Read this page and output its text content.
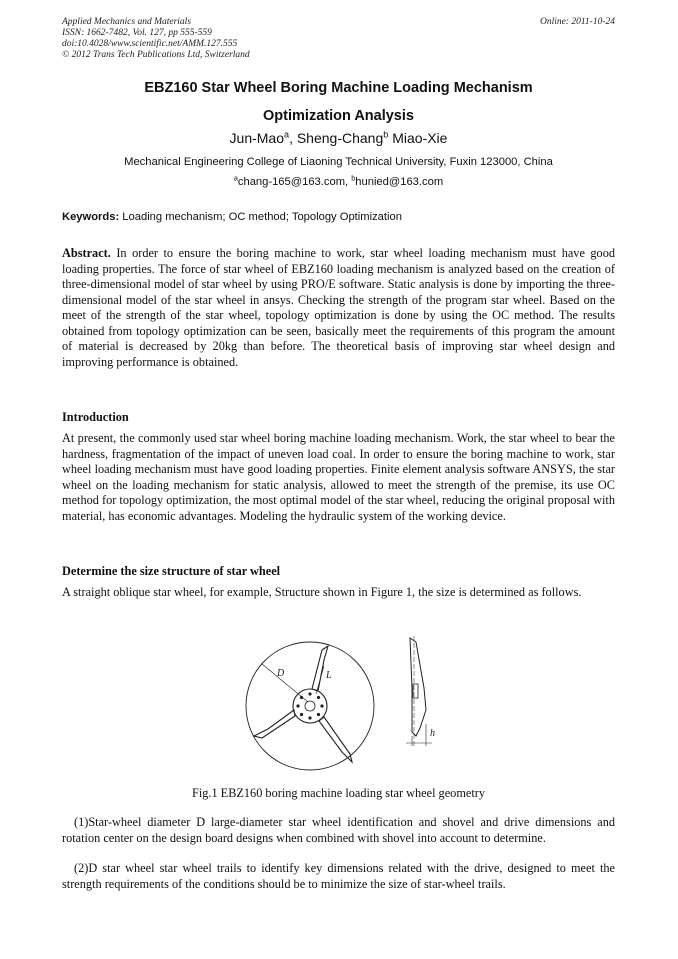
Applied Mechanics and Materials
ISSN: 1662-7482, Vol. 127, pp 555-559
doi:10.4028/www.scientific.net/AMM.127.555
© 2012 Trans Tech Publications Ltd, Switzerland
Online: 2011-10-24
EBZ160 Star Wheel Boring Machine Loading Mechanism
Optimization Analysis
Jun-Mao$^a$, Sheng-Chang$^b$ Miao-Xie
Mechanical Engineering College of Liaoning Technical University, Fuxin 123000, China
$^a$chang-165@163.com, $^b$hunied@163.com
Keywords: Loading mechanism; OC method; Topology Optimization
Abstract. In order to ensure the boring machine to work, star wheel loading mechanism must have good loading properties. The force of star wheel of EBZ160 loading mechanism is analyzed based on the creation of three-dimensional model of star wheel by using PRO/E software. Static analysis is done by importing the three-dimensional model of the star wheel in ansys. Checking the strength of the program star wheel. Based on the meet of the strength of the star wheel, topology optimization is done by using the OC method. The results obtained from topology optimization can be seen, basically meet the requirements of this program the amount of material is decreased by 20kg than before. The theoretical basis of improving star wheel design and improving performance is obtained.
Introduction
At present, the commonly used star wheel boring machine loading mechanism. Work, the star wheel to bear the hardness, fragmentation of the impact of uneven load coal. In order to ensure the boring machine to work, star wheel loading mechanism must have good loading properties. Finite element analysis software ANSYS, the star wheel on the loading mechanism for static analysis, allowed to meet the strength of the premise, its use OC method for topology optimization, the most optimal model of the star wheel, reducing the original proposal with material, has economic advantages. Modeling the hydraulic system of the working device.
Determine the size structure of star wheel
A straight oblique star wheel, for example, Structure shown in Figure 1, the size is determined as follows.
D	L
h
Fig.1 EBZ160 boring machine loading star wheel geometry
(1)Star-wheel diameter D large-diameter star wheel identification and shovel and drive dimensions and rotation center on the design board designs when combined with shovel into account to determine.
(2)D star wheel star wheel trails to identify key dimensions related with the drive, designed to meet the strength requirements of the conditions should be to minimize the size of star-wheel trails.
